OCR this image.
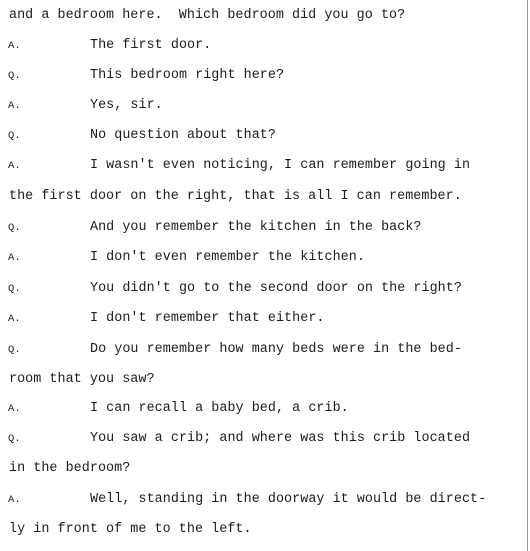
and a bedroom here.  Which bedroom did you go to?

A.

	The first door.

Q.

	This bedroom right here?

A.

	Yes, sir.

Q.

	No question about that?

A.

	I wasn't even noticing, I can remember going in

the first door on the right, that is all I can remember.

Q.

	And you remember the kitchen in the back?

A.

	I don't even remember the kitchen.

Q.

	You didn't go to the second door on the right?

A.

	I don't remember that either.

Q.

	Do you remember how many beds were in the bed-

room that you saw?

A.

	I can recall a baby bed, a crib.

Q.

	You saw a crib; and where was this crib located

in the bedroom?

A.

	Well, standing in the doorway it would be direct-

ly in front of me to the left.
